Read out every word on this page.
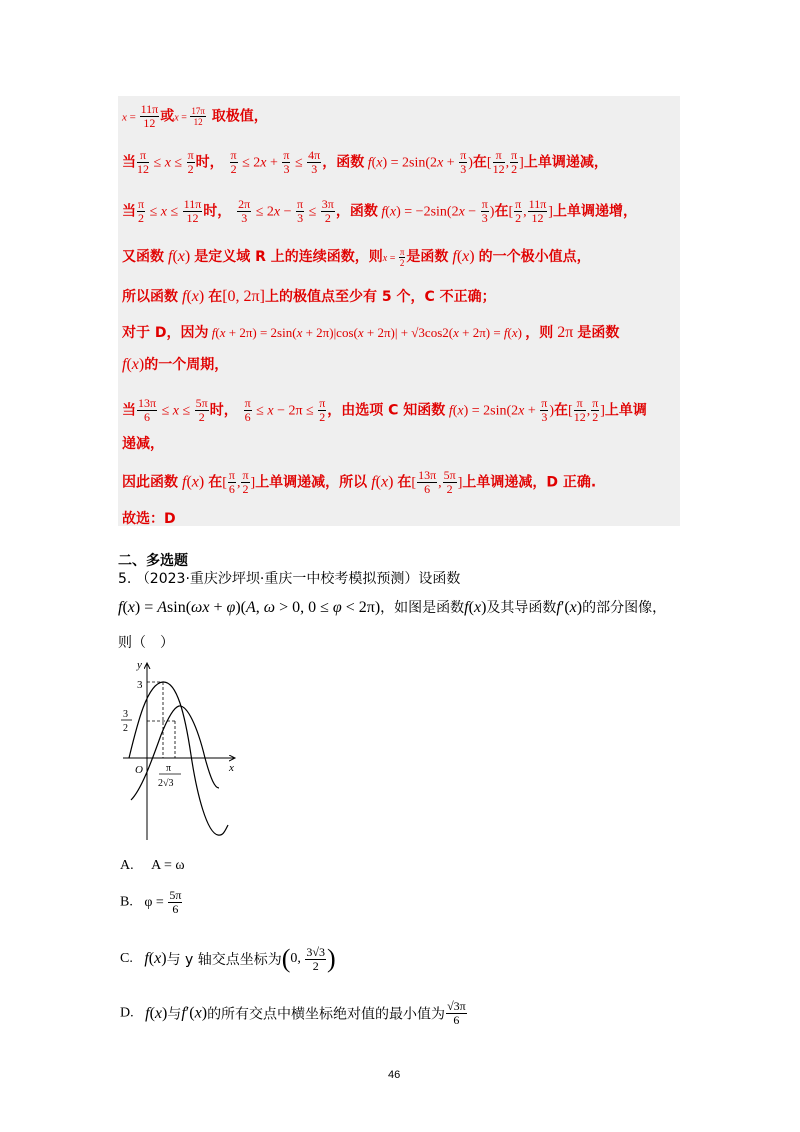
$x = \frac{11\pi}{12}$ 或$x = \frac{17\pi}{12}$ 取极值，
当 $\frac{\pi}{12} \le x \le \frac{\pi}{2}$ 时， $\frac{\pi}{2} \le 2x + \frac{\pi}{3} \le \frac{4\pi}{3}$ ，函数 $f(x) = 2\sin(2x + \frac{\pi}{3}$ )在[ $\frac{\pi}{12}$ , $\frac{\pi}{2}$ ]上单调递减，
当 $\frac{\pi}{2} \le x \le \frac{11\pi}{12}$ 时， $\frac{2\pi}{3} \le 2x - \frac{\pi}{3} \le \frac{3\pi}{2}$ ，函数 $f(x) = -2\sin(2x - \frac{\pi}{3}$ )在[ $\frac{\pi}{2}$ , $\frac{11\pi}{12}$ ]上单调递增，
又函数 f(x) 是定义域 R 上的连续函数，则$x = \frac{\pi}{2}$ 是函数 f(x) 的一个极小值点，
所以函数 f(x) 在[0, 2π]上的极值点至少有 5 个，C 不正确；
对于 D，因为 f(x + 2π) = 2sin(x + 2π)|cos(x + 2π)| + √3cos2(x + 2π) = f(x) ，则 2π 是函数
f(x)的一个周期，
当 $\frac{13\pi}{6} \le x \le \frac{5\pi}{2}$ 时， $\frac{\pi}{6} \le x - 2\pi \le \frac{\pi}{2}$ ，由选项 C 知函数 $f(x) = 2\sin(2x + \frac{\pi}{3}$ )在[ $\frac{\pi}{12}$ , $\frac{\pi}{2}$ ]上单调
递减，
因此函数 f(x) 在[ $\frac{\pi}{6}$ , $\frac{\pi}{2}$ ]上单调递减，所以 f(x) 在[ $\frac{13\pi}{6}$ , $\frac{5\pi}{2}$ ]上单调递减，D 正确.
故选：D
二、多选题
5. （2023·重庆沙坪坝·重庆一中校考模拟预测）设函数
f(x) = Asin(ωx + φ)(A, ω > 0, 0 ≤ φ < 2π)，如图是函数f(x)及其导函数f′(x)的部分图像，
则（　）
y
x
O
3
3
2
π
2√3
A. A = ω
B. $\varphi = \frac{5\pi}{6}$
C. f(x)与 y 轴交点坐标为(0, $\frac{3√3}{2}$ )
D. f(x)与f′(x)的所有交点中横坐标绝对值的最小值为 $\frac{√3\pi}{6}$
46
